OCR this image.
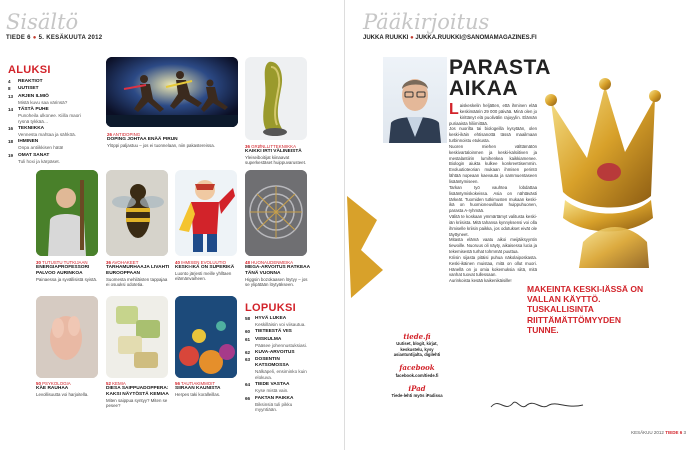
Sisältö
TIEDE 6 ● 5. KESÄKUUTA 2012
ALUKSI
4	REAKTIOT
8	UUTISET
13	ARJEN ILMIÖ
Mistä kuvu saa värinsä?
14	TÄSTÄ PUHE
Punoheila ulkonee. Kiilla maori rysnä tykkää…
16	TEKNIIKKA
Vennesta mahtaa ja sähköä.
18	IHMINEN
Onpa antiikkisen hätä!
19	OMAT SANAT
Tuli hoxi ja kärpäset.
26 ANTIDOPING
DOPING JOHTAA ENÄÄ PIRUN
Ylöppi paljastuu – jos ei tuonnelaan, niin pakastereissa.	36 GRØNLLITTEKNIIKKA
KAIKKI IRTI VÄLINEISTÄ
Yleiseiboitijat kiinaavat superkestäset huippuvarusteet.
30 TUTUSTU TUTKIJAAN
ENERGIAPROFESSORI PALVOO AURINKOA
Painaessa ja syvällisistä syistä.
36 AVOHAKEET
TARHAMURHAAJA LIVAHTI EUROOPPAAN
Suomesta mehiläisten tappajaa ei osuuksi odotetia.
40 IHMISEN EVOLUUTIO
KESKI-IKÄ ON SUPERIKÄ
Luonto järjesti meille yhlltaen elämänvaiheen.
48 HUONAUDENMEIKA
MEGA-ARVOITUS RATKEAA TÄNÄ VUONNA
Higgsin bozokaasen löytyy – jos se ylipätään löytyäkseen.
50 PSYKOLOGIA
KÄE RAUHAA
Levollisuutta voi harjoitella.
52 KEMIA
DIESA SAIPPUADOPPERA: KAKSI NÄYTÖSTÄ KEMIAA
Miten saippua syntyy? Miten se peseе?
56 TAUTIAKIMMOIT
SIIRAAN KAUNISTA
Herpes taki koralleillas.
LOPUKSI
58	HYVÄ LUKEA
Keskilläisin voi viisautua.
60	TIETEESTÄ VIIS
61	VIISKULMA
Pääsee johennustuksiasi.
62	KUVA-ARVOITUS
63	DOSENTIN KATSOMOSSA
Nälkäpeli, ensiminko kuin elokuva.
64	TIEDE VASTAA
Kyse mistä vain.
66	FAKTAN PAIKKA
Biksinsiä tuli pikku myyntiään.
Pääkirjoitus
JUKKA RUUKKI ● JUKKA.RUUKKI@SANOMAMAGAZINES.FI
PARASTA
AIKAA

Laiskeskelin heljätten, että ihminen elää keskimäärin 29 000 päivää. Minä olen jo kirittänyt elä puolivälin rajoyylin. Elämän puriaaista hiliimittää.

Jos nuorilta tai biologeilla kysytään, olen keski-ikäin ehtisanottä tässä maailmaan turbinnoistu etukusta.

Nuoren miehen välttämätön keskivartaloinmen ja keski-kalsiitiven ja mestalantiirin lumihenkea kaikkiamenee. Biologin aiukta kulkee konkreettisemmin. Evoluutioteorian mukaan ihmisen perintö lähtää nopeaan kaevauta ja sammuentaseen lisääntymiseen.

Tarkan työ vauhtea lobdattaa lisääntymiskokeissa. Asia on nähtävästi tärkeät. Tuomiden tutkimusten mukaan keski-ikä on huomioneuvillaan huippuhuonen, parasta A-ryhmää.

Välitä te koskaan ymmärtämyt valitusta keski-iän kriisista. Mitä tahansa kynnyksensi voi olla ihmiselle kriisin paikka, jos odotukset eivät ole täyttyneet.

Mitasta elämä vaatu aikoi meijäiksyyntin tiewoille. Nuoruus oli näyty, aikaisessa lucia ja tekemisestä turhat tohmmät puuttua.

Kriisin sijasta pitäisi puhua näkolaiposkasta. Keski-ikäinen muistaa, mitä on ollut muori. Hänellä on jo omia kokemuksia siitä, mitä vanhat tuovat tullessaan.

Aurinkoista kesää kaikenikäisille!

MAKEINTA KESKI-IÄSSÄ ON VALLAN KÄYTTÖ. TUSKALLISINTA RIITTÄMÄTTÖMYYDEN TUNNE.
tiede.fi
Uutiset, blogit, kirjat, keskustelu, kysy asiantuntijalta, digilehti
facebook
facebook.com/tiede.fi
iPad
Tiede-lehti myös iPadissa
KESÄKUU 2012 TIEDE 6 3
